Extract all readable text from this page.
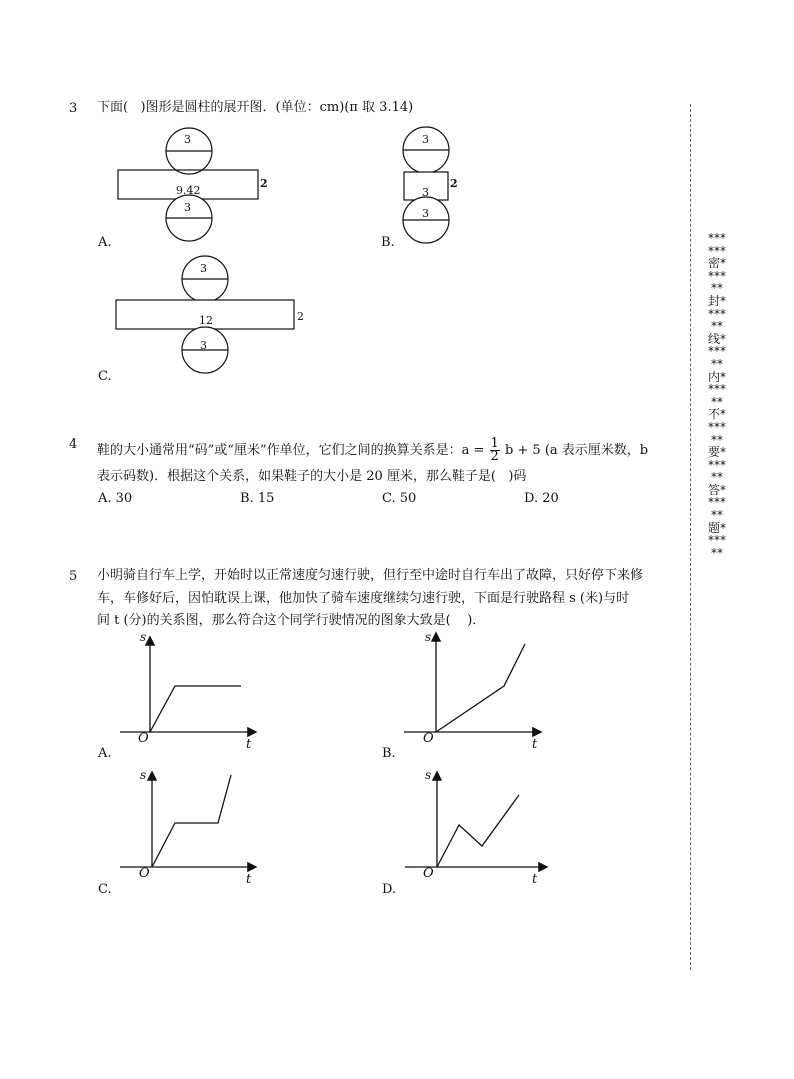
3 下面(   )图形是圆柱的展开图．(单位：cm)(π 取 3.14)
3
9.42
2
3
A.
3
3
2
3
B.
3
12	2
3
C.
4 鞋的大小通常用“码”或“厘米”作单位，它们之间的换算关系是：$a = \frac{1}{2}$ b + 5 (a 表示厘米数，b
表示码数)．根据这个关系，如果鞋子的大小是 20 厘米，那么鞋子是(   )码
A. 30	B. 15	C. 50	D. 20
5 小明骑自行车上学，开始时以正常速度匀速行驶，但行至中途时自行车出了故障，只好停下来修
车，车修好后，因怕耽误上课，他加快了骑车速度继续匀速行驶，下面是行驶路程 s (米)与时
间 t (分)的关系图，那么符合这个同学行驶情况的图象大致是(    )．
s
t
O
A.
s
t
O
B.
s
t
O
C.
s
t
O
D.
******密******封******线******内******不******要******答******题******
